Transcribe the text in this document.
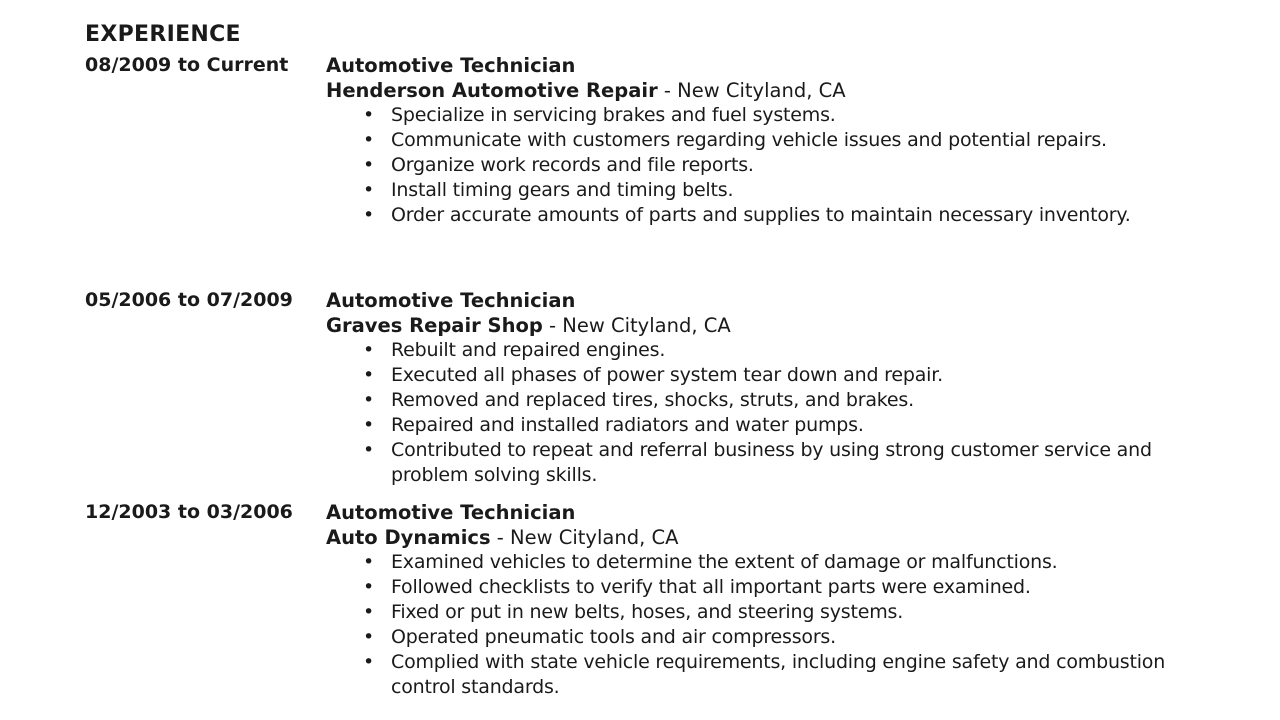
EXPERIENCE
08/2009 to Current Automotive Technician
Henderson Automotive Repair - New Cityland, CA
• Specialize in servicing brakes and fuel systems.
• Communicate with customers regarding vehicle issues and potential repairs.
• Organize work records and file reports.
• Install timing gears and timing belts.
• Order accurate amounts of parts and supplies to maintain necessary inventory.
05/2006 to 07/2009 Automotive Technician
Graves Repair Shop - New Cityland, CA
• Rebuilt and repaired engines.
• Executed all phases of power system tear down and repair.
• Removed and replaced tires, shocks, struts, and brakes.
• Repaired and installed radiators and water pumps.
• Contributed to repeat and referral business by using strong customer service and problem solving skills.
12/2003 to 03/2006 Automotive Technician
Auto Dynamics - New Cityland, CA
• Examined vehicles to determine the extent of damage or malfunctions.
• Followed checklists to verify that all important parts were examined.
• Fixed or put in new belts, hoses, and steering systems.
• Operated pneumatic tools and air compressors.
• Complied with state vehicle requirements, including engine safety and combustion control standards.
